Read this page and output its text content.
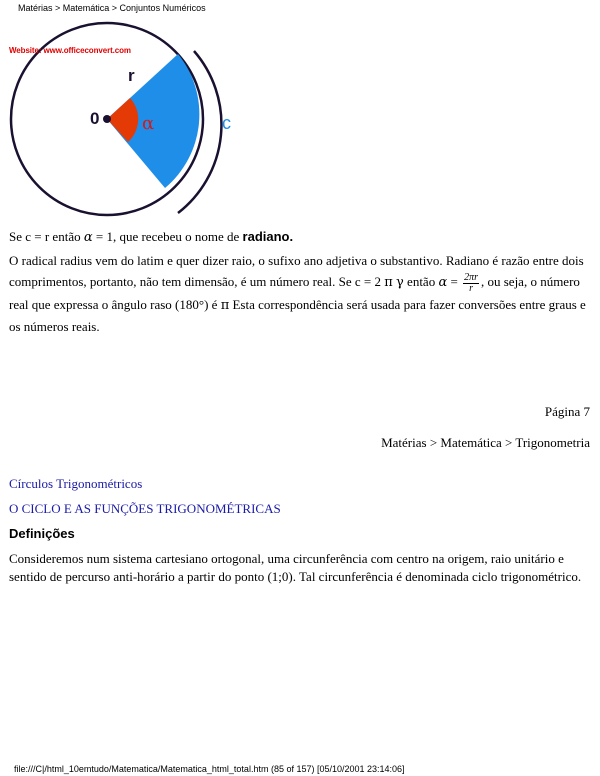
Matérias > Matemática > Conjuntos Numéricos
r
0 α	c
Website: www.officeconvert.com
Se c = r então α = 1, que recebeu o nome de radiano.
O radical radius vem do latim e quer dizer raio, o sufixo ano adjetiva o substantivo. Radiano é razão entre dois comprimentos, portanto, não tem dimensão, é um número real. Se c = 2 π γ então $\alpha = \frac{2\pi r}{r}$ , ou seja, o número real que expressa o ângulo raso (180°) é π Esta correspondência será usada para fazer conversões entre graus e os números reais.
Página 7
Matérias > Matemática > Trigonometria
Círculos Trigonométricos
O CICLO E AS FUNÇÕES TRIGONOMÉTRICAS
Definições
Consideremos num sistema cartesiano ortogonal, uma circunferência com centro na origem, raio unitário e sentido de percurso anti-horário a partir do ponto (1;0). Tal circunferência é denominada ciclo trigonométrico.
file:///C|/html_10emtudo/Matematica/Matematica_html_total.htm (85 of 157) [05/10/2001 23:14:06]
